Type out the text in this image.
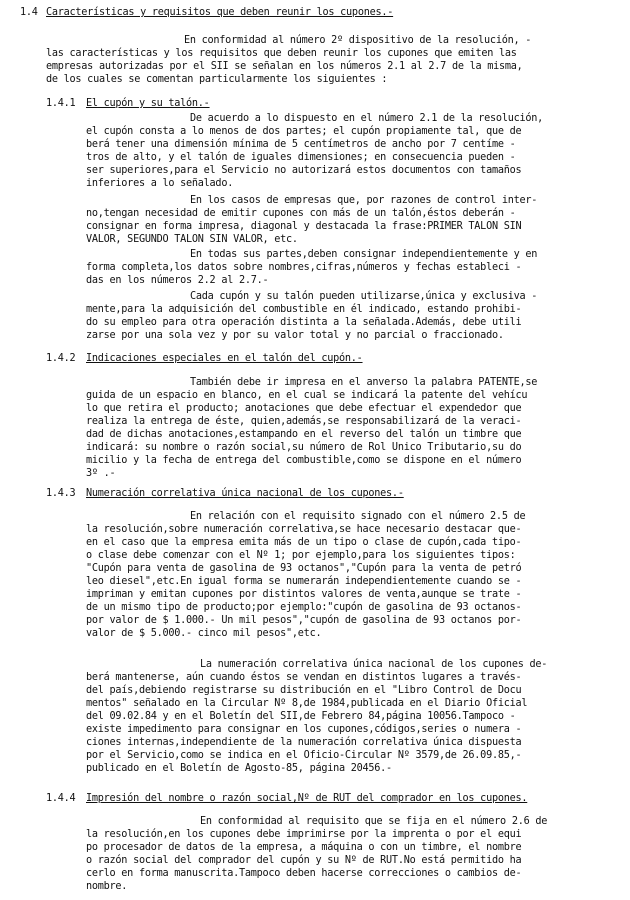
1.4 Características y requisitos que deben reunir los cupones.-
En conformidad al número 2º dispositivo de la resolución, -
las características y los requisitos que deben reunir los cupones que emiten las
empresas autorizadas por el SII se señalan en los números 2.1 al 2.7 de la misma,
de los cuales se comentan particularmente los siguientes :
1.4.1 El cupón y su talón.-
De acuerdo a lo dispuesto en el número 2.1 de la resolución,
el cupón consta a lo menos de dos partes; el cupón propiamente tal, que de
berá tener una dimensión mínima de 5 centímetros de ancho por 7 centíme -
tros de alto, y el talón de iguales dimensiones; en consecuencia pueden -
ser superiores,para el Servicio no autorizará estos documentos con tamaños
inferiores a lo señalado.
En los casos de empresas que, por razones de control inter-
no,tengan necesidad de emitir cupones con más de un talón,éstos deberán -
consignar en forma impresa, diagonal y destacada la frase:PRIMER TALON SIN
VALOR, SEGUNDO TALON SIN VALOR, etc.
En todas sus partes,deben consignar independientemente y en
forma completa,los datos sobre nombres,cifras,números y fechas estableci -
das en los números 2.2 al 2.7.-
Cada cupón y su talón pueden utilizarse,única y exclusiva -
mente,para la adquisición del combustible en él indicado, estando prohibi-
do su empleo para otra operación distinta a la señalada.Además, debe utili
zarse por una sola vez y por su valor total y no parcial o fraccionado.
1.4.2 Indicaciones especiales en el talón del cupón.-
También debe ir impresa en el anverso la palabra PATENTE,se
guida de un espacio en blanco, en el cual se indicará la patente del vehícu
lo que retira el producto; anotaciones que debe efectuar el expendedor que
realiza la entrega de éste, quien,además,se responsabilizará de la veraci-
dad de dichas anotaciones,estampando en el reverso del talón un timbre que
indicará: su nombre o razón social,su número de Rol Unico Tributario,su do
micilio y la fecha de entrega del combustible,como se dispone en el número
3º .-
1.4.3 Numeración correlativa única nacional de los cupones.-
En relación con el requisito signado con el número 2.5 de
la resolución,sobre numeración correlativa,se hace necesario destacar que-
en el caso que la empresa emita más de un tipo o clase de cupón,cada tipo-
o clase debe comenzar con el Nº 1; por ejemplo,para los siguientes tipos:
"Cupón para venta de gasolina de 93 octanos","Cupón para la venta de petró
leo diesel",etc.En igual forma se numerarán independientemente cuando se -
impriman y emitan cupones por distintos valores de venta,aunque se trate -
de un mismo tipo de producto;por ejemplo:"cupón de gasolina de 93 octanos-
por valor de $ 1.000.- Un mil pesos","cupón de gasolina de 93 octanos por-
valor de $ 5.000.- cinco mil pesos",etc.
La numeración correlativa única nacional de los cupones de-
berá mantenerse, aún cuando éstos se vendan en distintos lugares a través-
del país,debiendo registrarse su distribución en el "Libro Control de Docu
mentos" señalado en la Circular Nº 8,de 1984,publicada en el Diario Oficial
del 09.02.84 y en el Boletín del SII,de Febrero 84,página 10056.Tampoco -
existe impedimento para consignar en los cupones,códigos,series o numera -
ciones internas,independiente de la numeración correlativa única dispuesta
por el Servicio,como se indica en el Oficio-Circular Nº 3579,de 26.09.85,-
publicado en el Boletín de Agosto-85, página 20456.-
1.4.4 Impresión del nombre o razón social,Nº de RUT del comprador en los cupones.
En conformidad al requisito que se fija en el número 2.6 de
la resolución,en los cupones debe imprimirse por la imprenta o por el equi
po procesador de datos de la empresa, a máquina o con un timbre, el nombre
o razón social del comprador del cupón y su Nº de RUT.No está permitido ha
cerlo en forma manuscrita.Tampoco deben hacerse correcciones o cambios de-
nombre.
